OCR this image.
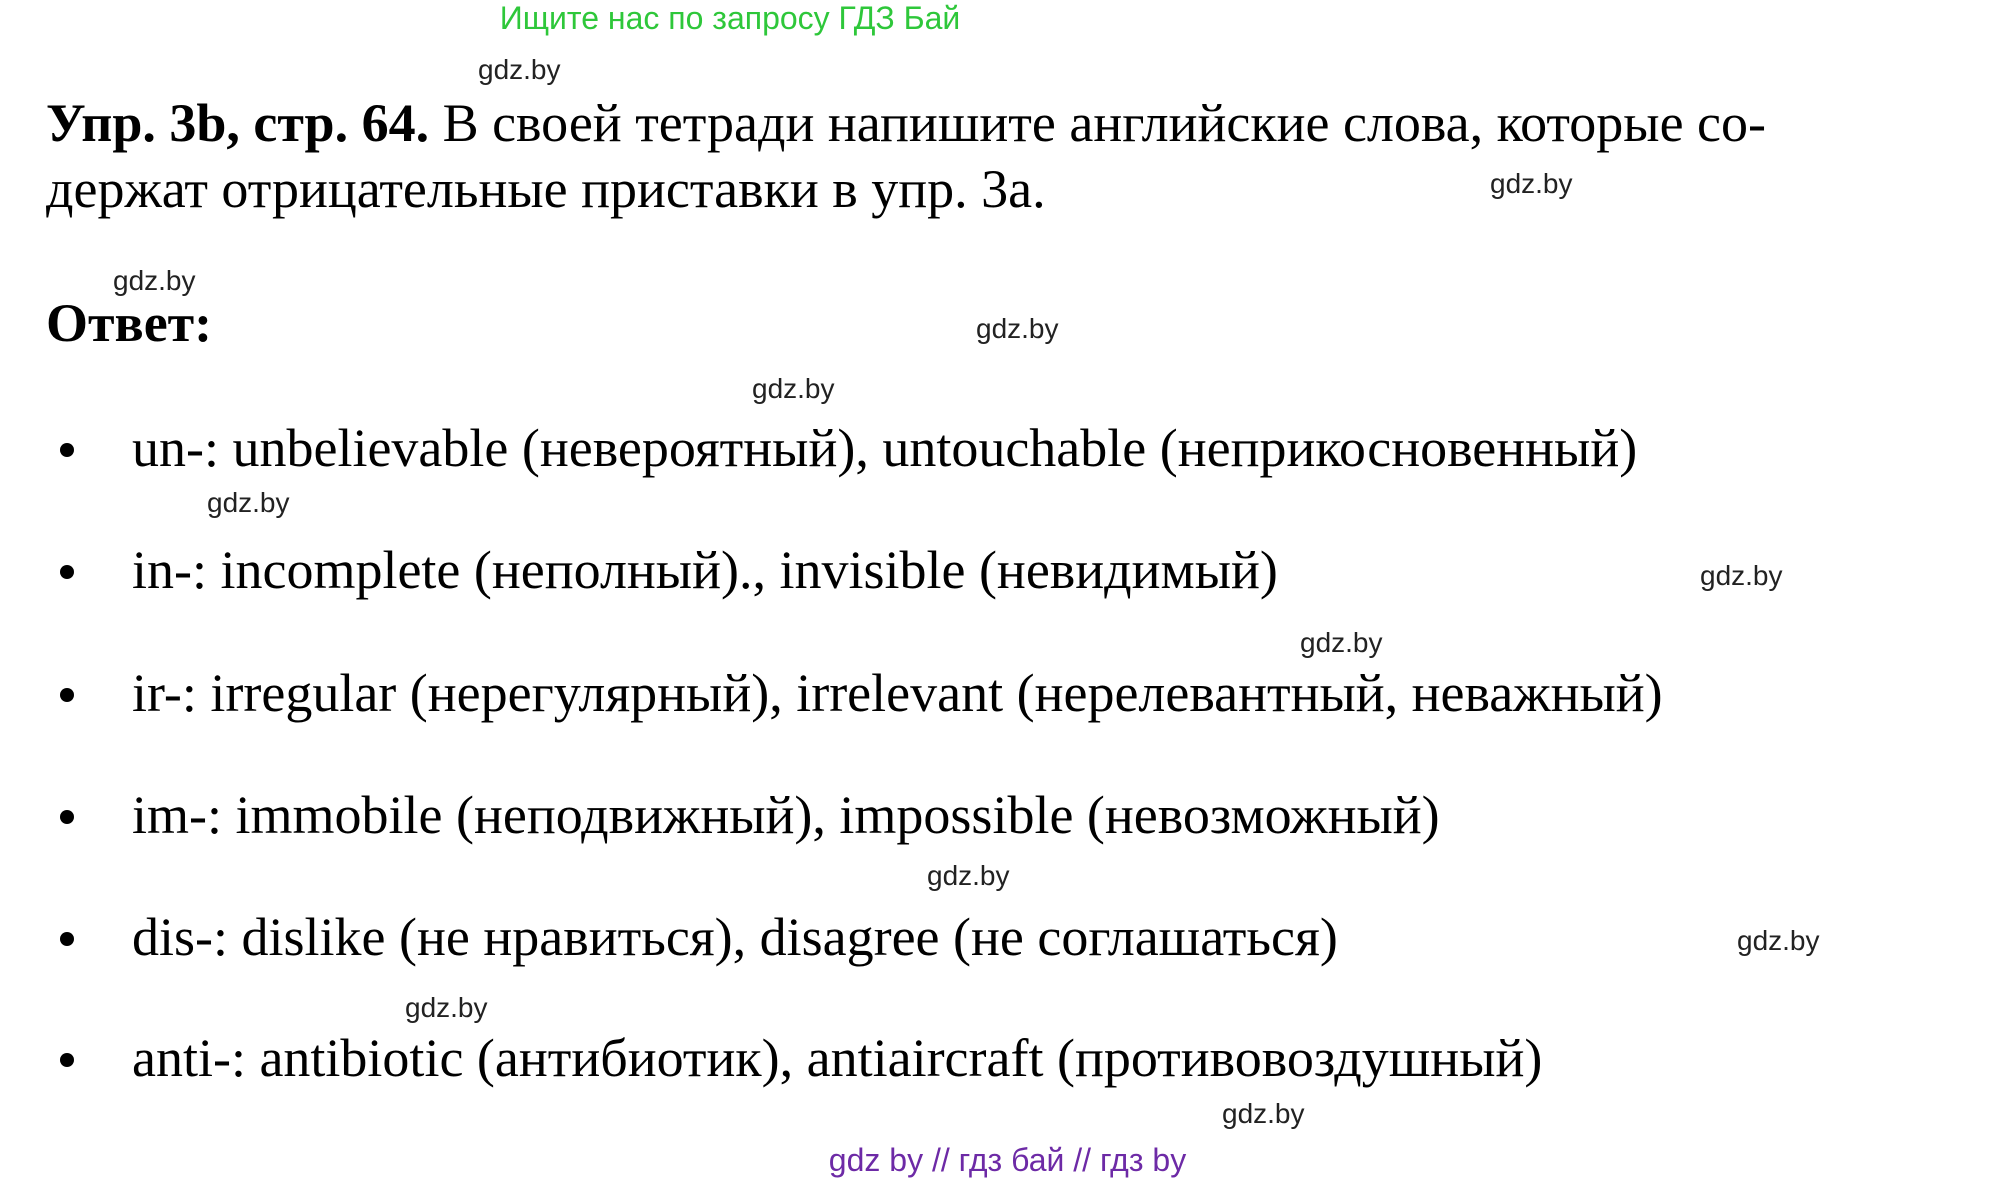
Ищите нас по запросу ГДЗ Бай
Упр. 3b, стр. 64. В своей тетради напишите английские слова, которые со-
держат отрицательные приставки в упр. 3а.
Ответ:
un-: unbelievable (невероятный), untouchable (неприкосновенный)
in-: incomplete (неполный)., invisible (невидимый)
ir-: irregular (нерегулярный), irrelevant (нерелевантный, неважный)
im-: immobile (неподвижный), impossible (невозможный)
dis-: dislike (не нравиться), disagree (не соглашаться)
anti-: antibiotic (антибиотик), antiaircraft (противовоздушный)
gdz.by
gdz.by
gdz.by
gdz.by
gdz.by
gdz.by
gdz.by
gdz.by
gdz.by
gdz.by
gdz.by
gdz.by
gdz by // гдз бай // гдз by
